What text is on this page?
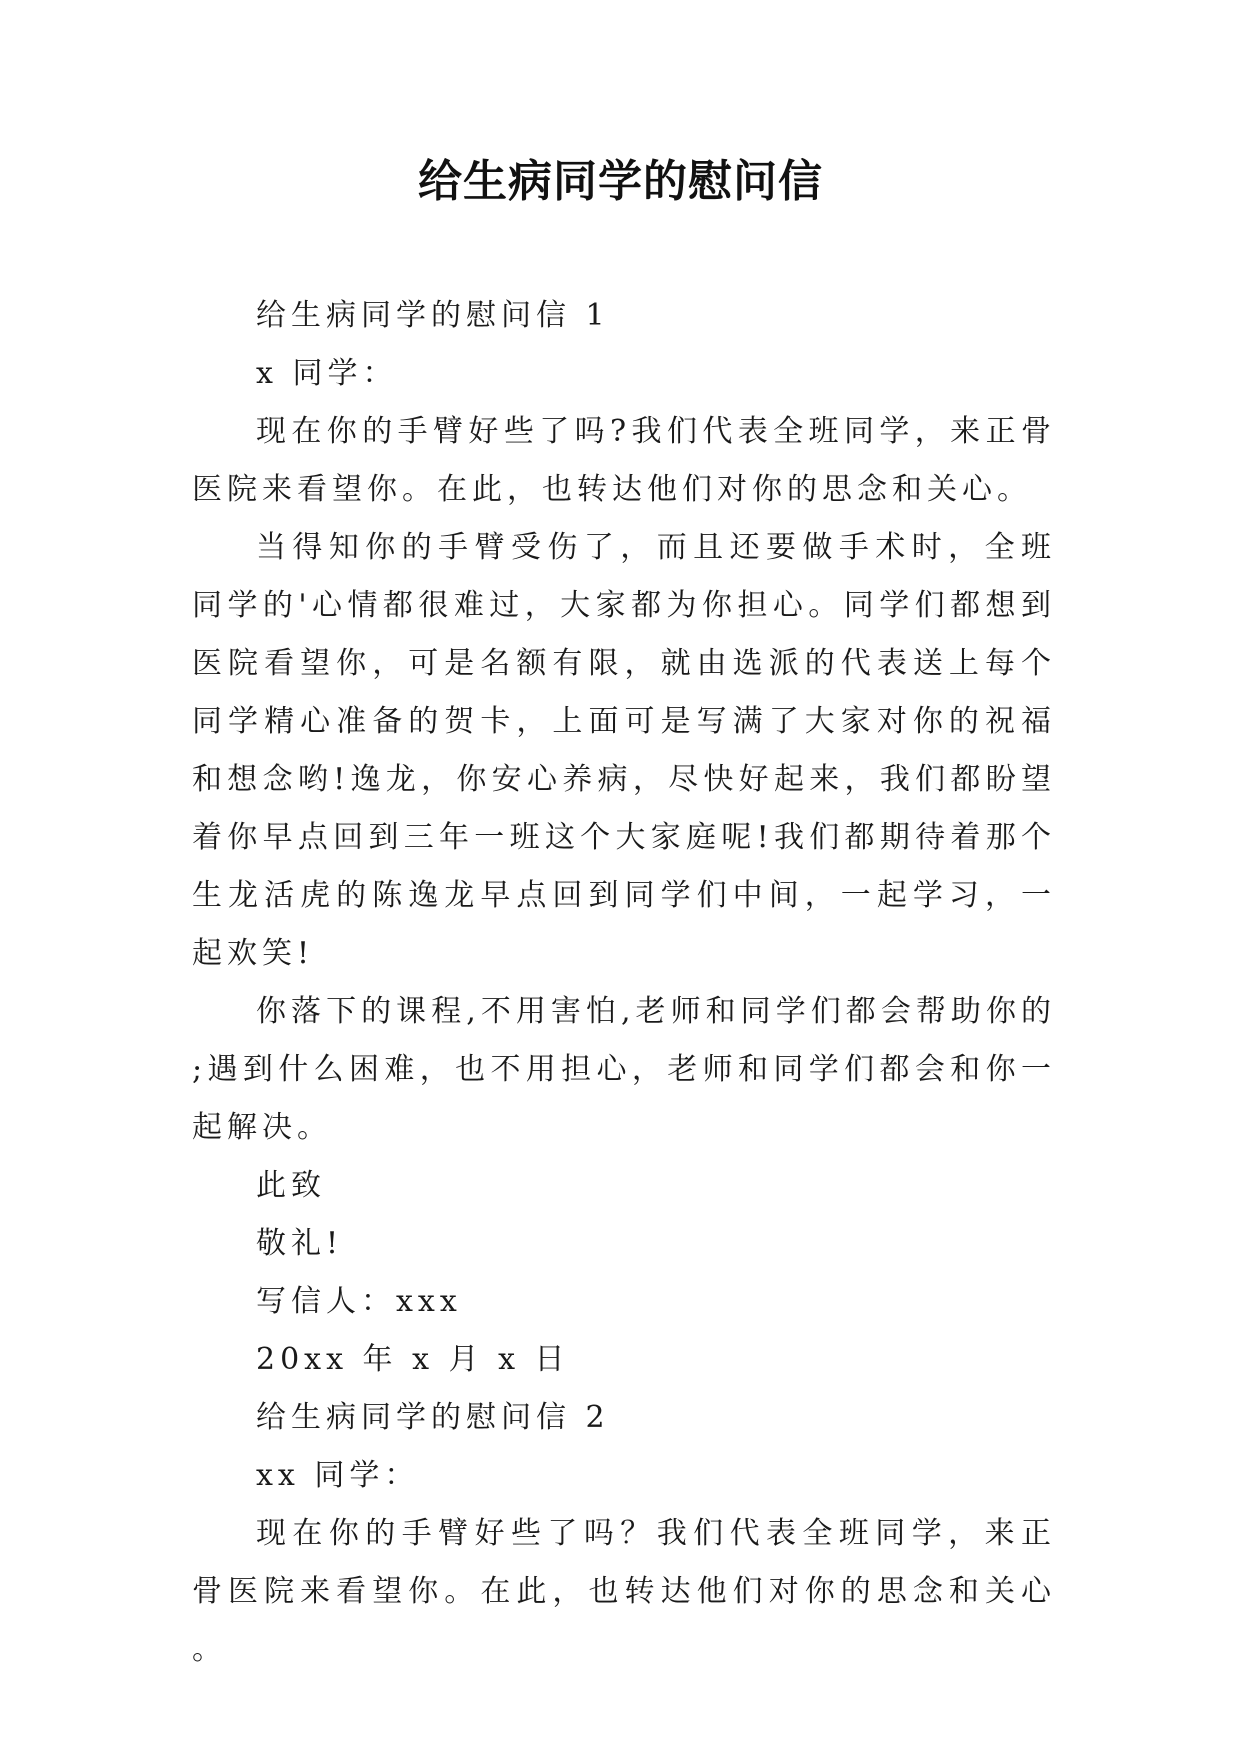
给生病同学的慰问信

给生病同学的慰问信 1

x 同学：

现在你的手臂好些了吗?我们代表全班同学，来正骨医院来看望你。在此，也转达他们对你的思念和关心。

当得知你的手臂受伤了，而且还要做手术时，全班同学的'心情都很难过，大家都为你担心。同学们都想到医院看望你，可是名额有限，就由选派的代表送上每个同学精心准备的贺卡，上面可是写满了大家对你的祝福和想念哟!逸龙，你安心养病，尽快好起来，我们都盼望着你早点回到三年一班这个大家庭呢!我们都期待着那个生龙活虎的陈逸龙早点回到同学们中间，一起学习，一起欢笑!

你落下的课程,不用害怕,老师和同学们都会帮助你的;遇到什么困难，也不用担心，老师和同学们都会和你一起解决。

此致

敬礼!

写信人：xxx

20xx 年 x 月 x 日

给生病同学的慰问信 2

xx 同学：

现在你的手臂好些了吗？我们代表全班同学，来正骨医院来看望你。在此，也转达他们对你的思念和关心。
